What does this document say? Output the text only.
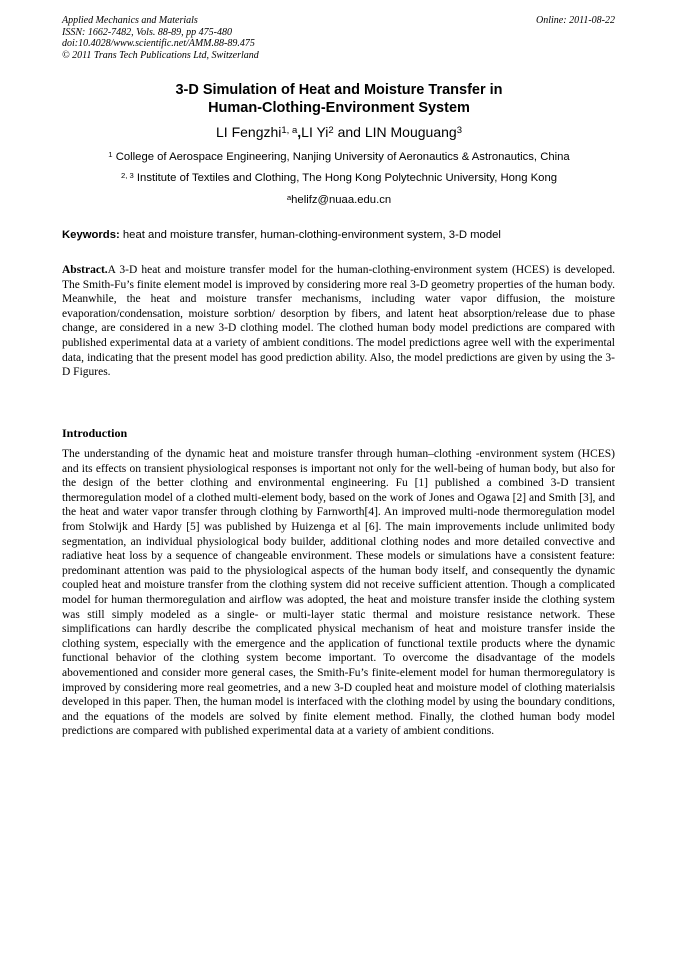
Applied Mechanics and Materials
ISSN: 1662-7482, Vols. 88-89, pp 475-480
doi:10.4028/www.scientific.net/AMM.88-89.475
© 2011 Trans Tech Publications Ltd, Switzerland
Online: 2011-08-22
3-D Simulation of Heat and Moisture Transfer in
Human-Clothing-Environment System
LI Fengzhi$^{1, a}$,LI Yi$^2$ and LIN Mouguang$^3$
$^1$ College of Aerospace Engineering, Nanjing University of Aeronautics & Astronautics, China
$^{2, 3}$ Institute of Textiles and Clothing, The Hong Kong Polytechnic University, Hong Kong
$^a$helifz@nuaa.edu.cn
Keywords: heat and moisture transfer, human-clothing-environment system, 3-D model
Abstract.A 3-D heat and moisture transfer model for the human-clothing-environment system (HCES) is developed. The Smith-Fu’s finite element model is improved by considering more real 3-D geometry properties of the human body. Meanwhile, the heat and moisture transfer mechanisms, including water vapor diffusion, the moisture evaporation/condensation, moisture sorbtion/ desorption by fibers, and latent heat absorption/release due to phase change, are considered in a new 3-D clothing model. The clothed human body model predictions are compared with published experimental data at a variety of ambient conditions. The model predictions agree well with the experimental data, indicating that the present model has good prediction ability. Also, the model predictions are given by using the 3-D Figures.
Introduction
The understanding of the dynamic heat and moisture transfer through human–clothing -environment system (HCES) and its effects on transient physiological responses is important not only for the well-being of human body, but also for the design of the better clothing and environmental engineering. Fu [1] published a combined 3-D transient thermoregulation model of a clothed multi-element body, based on the work of Jones and Ogawa [2] and Smith [3], and the heat and water vapor transfer through clothing by Farnworth[4]. An improved multi-node thermoregulation model from Stolwijk and Hardy [5] was published by Huizenga et al [6]. The main improvements include unlimited body segmentation, an individual physiological body builder, additional clothing nodes and more detailed convective and radiative heat loss by a sequence of changeable environment. These models or simulations have a consistent feature: predominant attention was paid to the physiological aspects of the human body itself, and consequently the dynamic coupled heat and moisture transfer from the clothing system did not receive sufficient attention. Though a complicated model for human thermoregulation and airflow was adopted, the heat and moisture transfer inside the clothing system was still simply modeled as a single- or multi-layer static thermal and moisture resistance network. These simplifications can hardly describe the complicated physical mechanism of heat and moisture transfer inside the clothing system, especially with the emergence and the application of functional textile products where the dynamic functional behavior of the clothing system become important. To overcome the disadvantage of the models abovementioned and consider more general cases, the Smith-Fu’s finite-element model for human thermoregulatory is improved by considering more real geometries, and a new 3-D coupled heat and moisture model of clothing materialsis developed in this paper. Then, the human model is interfaced with the clothing model by using the boundary conditions, and the equations of the models are solved by finite element method. Finally, the clothed human body model predictions are compared with published experimental data at a variety of ambient conditions.
